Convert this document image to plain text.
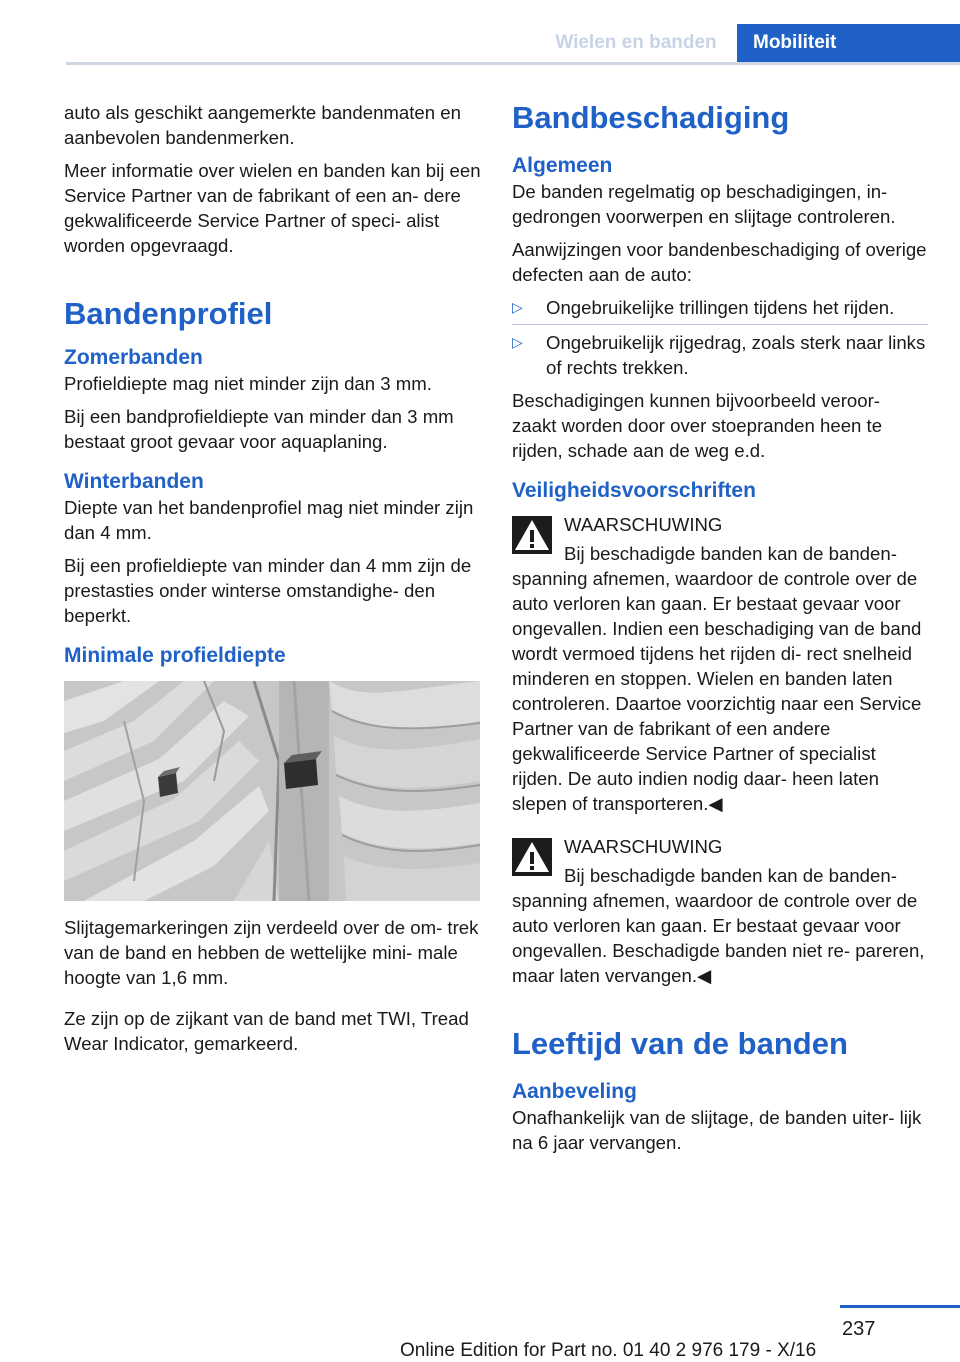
Wielen en banden	Mobiliteit

auto als geschikt aangemerkte bandenmaten en aanbevolen bandenmerken.

Meer informatie over wielen en banden kan bij een Service Partner van de fabrikant of een an- dere gekwalificeerde Service Partner of speci- alist worden opgevraagd.

Bandenprofiel
Zomerbanden

Profieldiepte mag niet minder zijn dan 3 mm.

Bij een bandprofieldiepte van minder dan 3 mm bestaat groot gevaar voor aquaplaning.

Winterbanden

Diepte van het bandenprofiel mag niet minder zijn dan 4 mm.

Bij een profieldiepte van minder dan 4 mm zijn de prestasties onder winterse omstandighe- den beperkt.

Minimale profieldiepte

Slijtagemarkeringen zijn verdeeld over de om- trek van de band en hebben de wettelijke mini- male hoogte van 1,6 mm.

Ze zijn op de zijkant van de band met TWI, Tread Wear Indicator, gemarkeerd.

Bandbeschadiging
Algemeen

De banden regelmatig op beschadigingen, in- gedrongen voorwerpen en slijtage controleren.

Aanwijzingen voor bandenbeschadiging of overige defecten aan de auto:

▷ Ongebruikelijke trillingen tijdens het rijden.
▷ Ongebruikelijk rijgedrag, zoals sterk naar links of rechts trekken.

Beschadigingen kunnen bijvoorbeeld veroor- zaakt worden door over stoepranden heen te rijden, schade aan de weg e.d.

Veiligheidsvoorschriften

WAARSCHUWING

Bij beschadigde banden kan de banden- spanning afnemen, waardoor de controle over de auto verloren kan gaan. Er bestaat gevaar voor ongevallen. Indien een beschadiging van de band wordt vermoed tijdens het rijden di- rect snelheid minderen en stoppen. Wielen en banden laten controleren. Daartoe voorzichtig naar een Service Partner van de fabrikant of een andere gekwalificeerde Service Partner of specialist rijden. De auto indien nodig daar- heen laten slepen of transporteren.◀

WAARSCHUWING

Bij beschadigde banden kan de banden- spanning afnemen, waardoor de controle over de auto verloren kan gaan. Er bestaat gevaar voor ongevallen. Beschadigde banden niet re- pareren, maar laten vervangen.◀

Leeftijd van de banden
Aanbeveling

Onafhankelijk van de slijtage, de banden uiter- lijk na 6 jaar vervangen.

237
Online Edition for Part no. 01 40 2 976 179 - X/16
